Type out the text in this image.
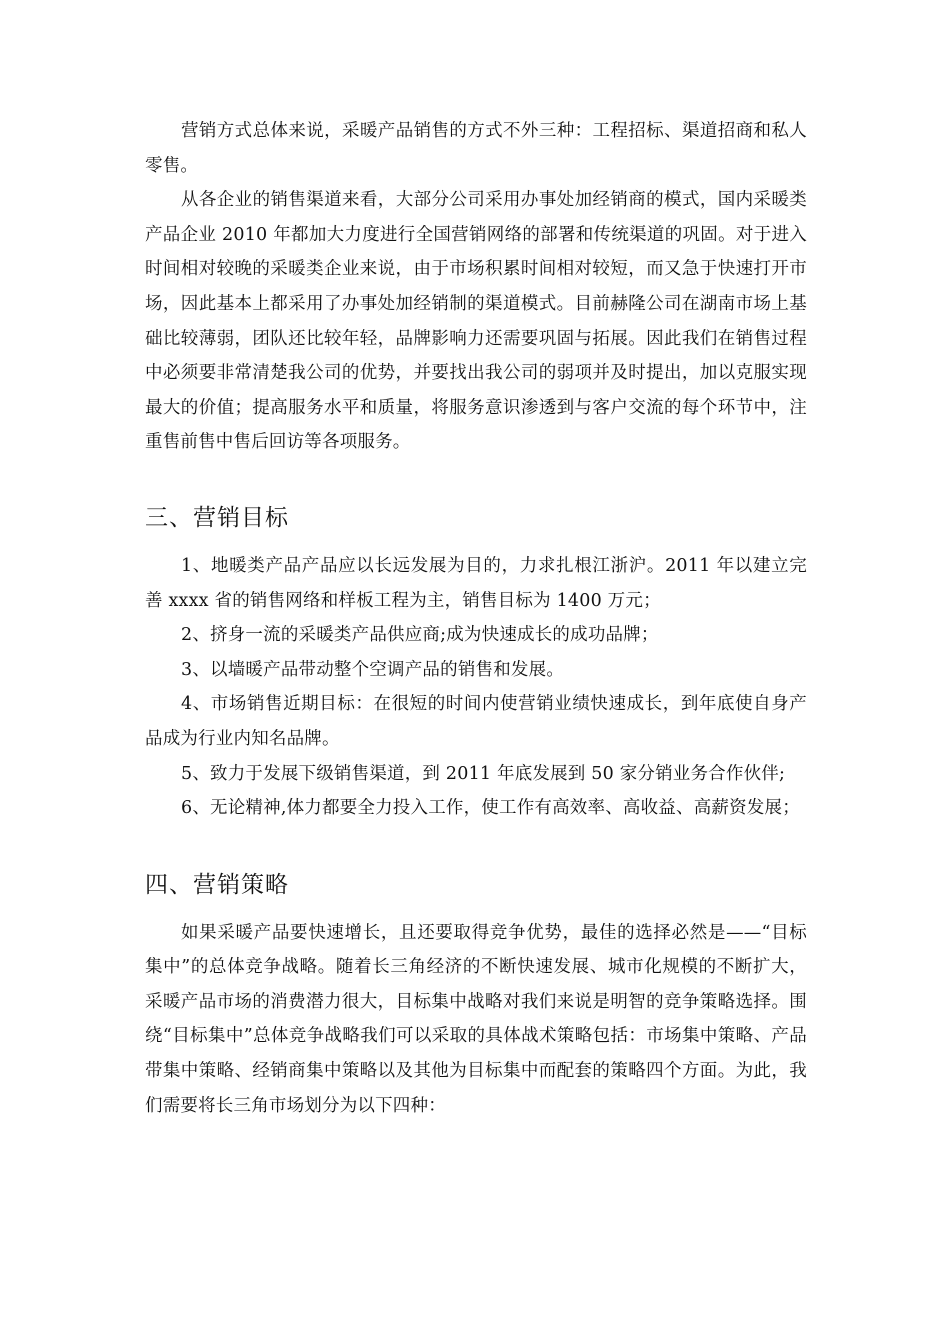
营销方式总体来说，采暖产品销售的方式不外三种：工程招标、渠道招商和私人零售。

从各企业的销售渠道来看，大部分公司采用办事处加经销商的模式，国内采暖类产品企业 2010 年都加大力度进行全国营销网络的部署和传统渠道的巩固。对于进入时间相对较晚的采暖类企业来说，由于市场积累时间相对较短，而又急于快速打开市场，因此基本上都采用了办事处加经销制的渠道模式。目前赫隆公司在湖南市场上基础比较薄弱，团队还比较年轻，品牌影响力还需要巩固与拓展。因此我们在销售过程中必须要非常清楚我公司的优势，并要找出我公司的弱项并及时提出，加以克服实现最大的价值；提高服务水平和质量，将服务意识渗透到与客户交流的每个环节中，注重售前售中售后回访等各项服务。

三、营销目标

1、地暖类产品产品应以长远发展为目的，力求扎根江浙沪。2011 年以建立完善 xxxx 省的销售网络和样板工程为主，销售目标为 1400 万元；

2、挤身一流的采暖类产品供应商;成为快速成长的成功品牌；

3、以墙暖产品带动整个空调产品的销售和发展。

4、市场销售近期目标：在很短的时间内使营销业绩快速成长，到年底使自身产品成为行业内知名品牌。

5、致力于发展下级销售渠道，到 2011 年底发展到 50 家分销业务合作伙伴;

6、无论精神,体力都要全力投入工作，使工作有高效率、高收益、高薪资发展；

四、营销策略

如果采暖产品要快速增长，且还要取得竞争优势，最佳的选择必然是——“目标集中”的总体竞争战略。随着长三角经济的不断快速发展、城市化规模的不断扩大，采暖产品市场的消费潜力很大，目标集中战略对我们来说是明智的竞争策略选择。围绕“目标集中”总体竞争战略我们可以采取的具体战术策略包括：市场集中策略、产品带集中策略、经销商集中策略以及其他为目标集中而配套的策略四个方面。为此，我们需要将长三角市场划分为以下四种：
